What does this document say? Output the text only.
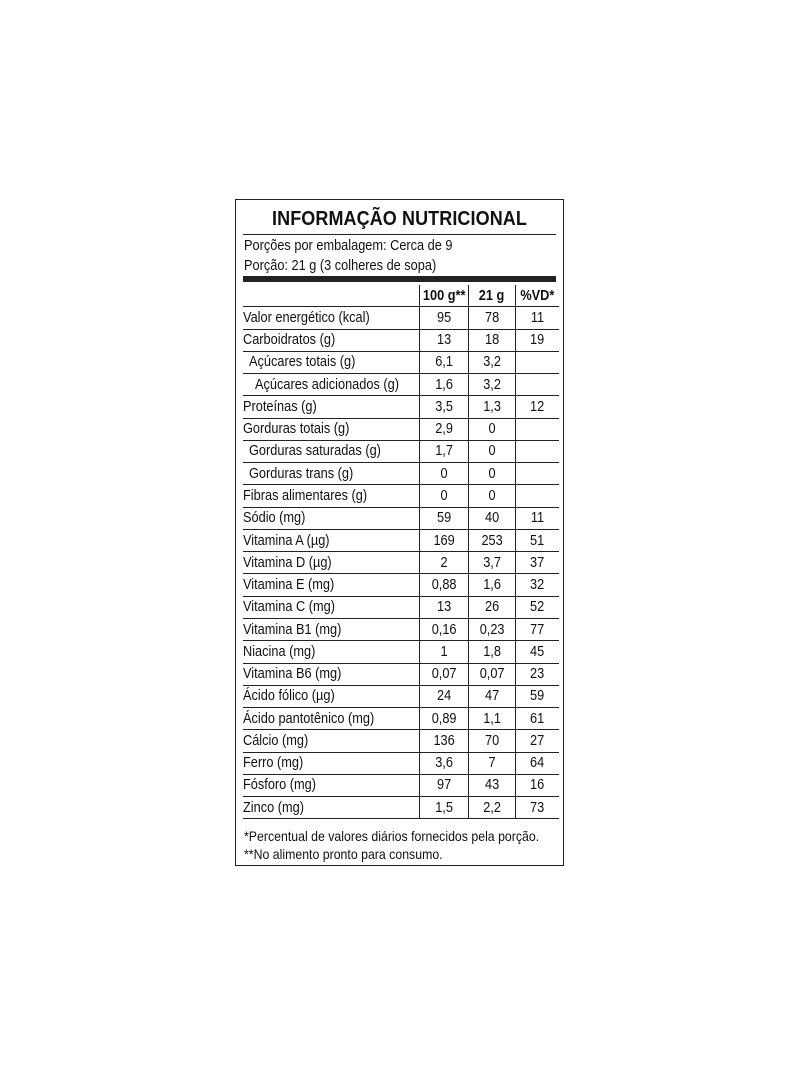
INFORMAÇÃO NUTRICIONAL
Porções por embalagem: Cerca de 9
Porção: 21 g (3 colheres de sopa)
	100 g**	21 g	%VD*
Valor energético (kcal)	95	78	11
Carboidratos (g)	13	18	19
Açúcares totais (g)	6,1	3,2	
Açúcares adicionados (g)	1,6	3,2	
Proteínas (g)	3,5	1,3	12
Gorduras totais (g)	2,9	0	
Gorduras saturadas (g)	1,7	0	
Gorduras trans (g)	0	0	
Fibras alimentares (g)	0	0	
Sódio (mg)	59	40	11
Vitamina A (µg)	169	253	51
Vitamina D (µg)	2	3,7	37
Vitamina E (mg)	0,88	1,6	32
Vitamina C (mg)	13	26	52
Vitamina B1 (mg)	0,16	0,23	77
Niacina (mg)	1	1,8	45
Vitamina B6 (mg)	0,07	0,07	23
Ácido fólico (µg)	24	47	59
Ácido pantotênico (mg)	0,89	1,1	61
Cálcio (mg)	136	70	27
Ferro (mg)	3,6	7	64
Fósforo (mg)	97	43	16
Zinco (mg)	1,5	2,2	73
*Percentual de valores diários fornecidos pela porção.
**No alimento pronto para consumo.
